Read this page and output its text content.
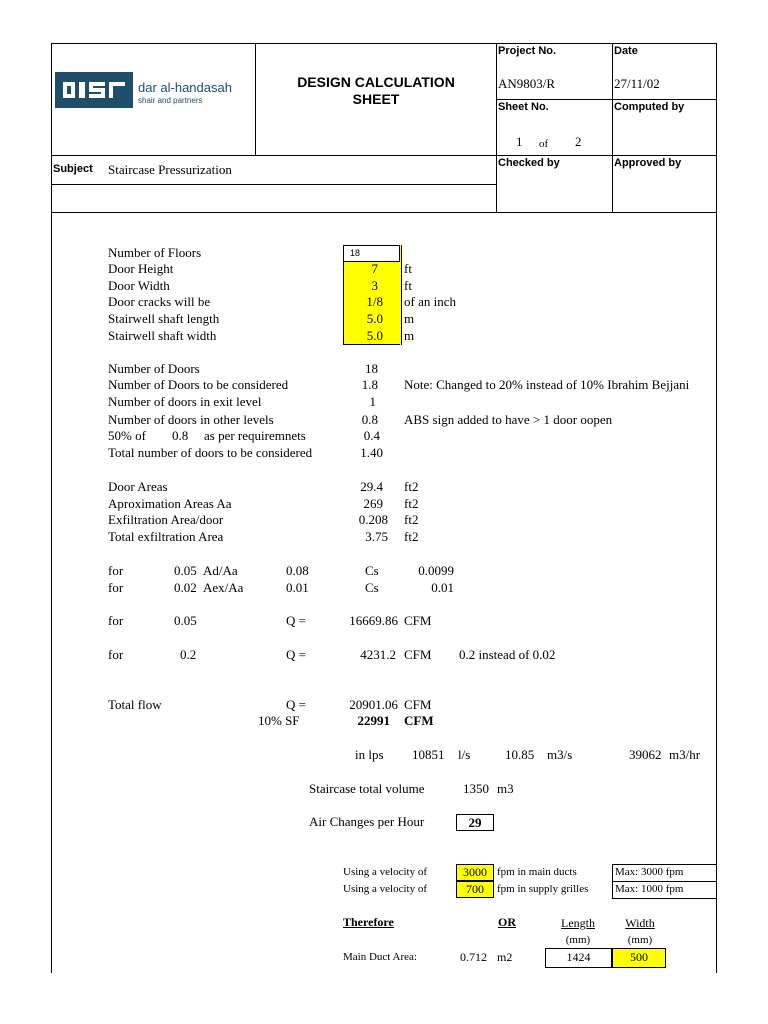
dar al-handasah
shair and partners
DESIGN CALCULATION
SHEET
Project No.
AN9803/R
Date
27/11/02
Sheet No.
1 of 2
Computed by
Checked by	Approved by
Subject Staircase Pressurization
Number of Floors	18
Door Height	7 ft
Door Width	3 ft
Door cracks will be	1/8 of an inch
Stairwell shaft length	5.0 m
Stairwell shaft width	5.0 m
Number of Doors	18
Number of Doors to be considered	1.8 Note: Changed to 20% instead of 10% Ibrahim Bejjani
Number of doors in exit level	1
Number of doors in other levels	0.8 ABS sign added to have > 1 door oopen
50% of 0.8 as per requiremnets	0.4
Total number of doors to be considered	1.40
Door Areas	29.4 ft2
Aproximation Areas Aa	269 ft2
Exfiltration Area/door	0.208 ft2
Total exfiltration Area	3.75 ft2
for	0.05 Ad/Aa	0.08	Cs	0.0099
for	0.02 Aex/Aa	0.01	Cs	0.01
for	0.05	Q =	16669.86 CFM
for	0.2	Q =	4231.2 CFM 0.2 instead of 0.02
Total flow	Q =	20901.06 CFM
10% SF	22991 CFM
in lps 10851 l/s	10.85 m3/s	39062 m3/hr
Staircase total volume	1350 m3
Air Changes per Hour	29
Using a velocity of	3000 fpm in main ducts	Max: 3000 fpm
Using a velocity of	700	fpm in supply grilles Max: 1000 fpm
Therefore	OR	Length	Width
(mm)	(mm)
Main Duct Area:	0.712 m2	1424	500
